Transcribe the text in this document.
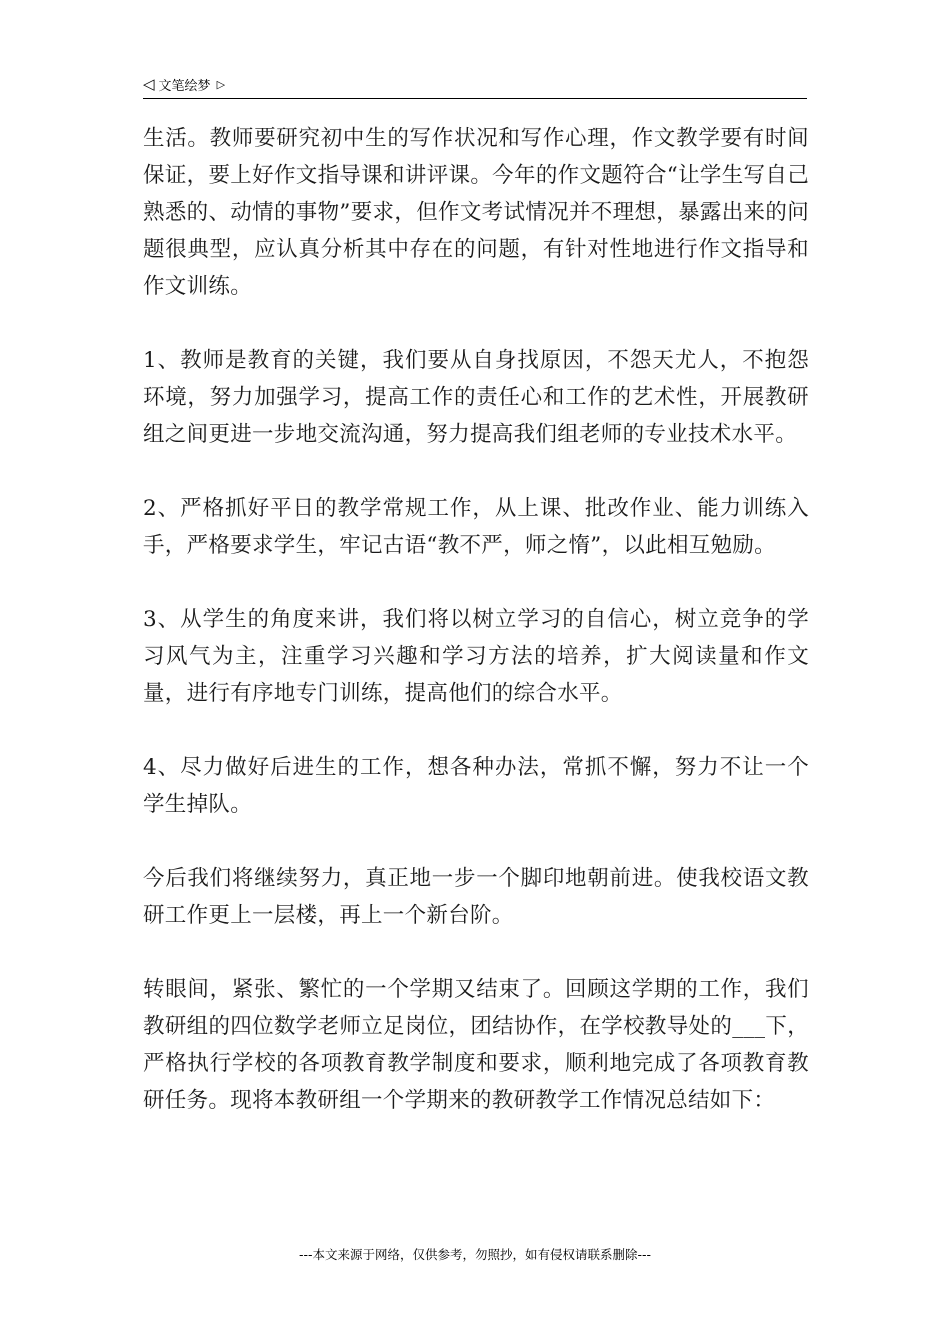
◁ 文笔绘梦 ▷

生活。教师要研究初中生的写作状况和写作心理，作文教学要有时间保证，要上好作文指导课和讲评课。今年的作文题符合“让学生写自己熟悉的、动情的事物”要求，但作文考试情况并不理想，暴露出来的问题很典型，应认真分析其中存在的问题，有针对性地进行作文指导和作文训练。

1、教师是教育的关键，我们要从自身找原因，不怨天尤人，不抱怨环境，努力加强学习，提高工作的责任心和工作的艺术性，开展教研组之间更进一步地交流沟通，努力提高我们组老师的专业技术水平。

2、严格抓好平日的教学常规工作，从上课、批改作业、能力训练入手，严格要求学生，牢记古语“教不严，师之惰”，以此相互勉励。

3、从学生的角度来讲，我们将以树立学习的自信心，树立竞争的学习风气为主，注重学习兴趣和学习方法的培养，扩大阅读量和作文量，进行有序地专门训练，提高他们的综合水平。

4、尽力做好后进生的工作，想各种办法，常抓不懈，努力不让一个学生掉队。

今后我们将继续努力，真正地一步一个脚印地朝前进。使我校语文教研工作更上一层楼，再上一个新台阶。

转眼间，紧张、繁忙的一个学期又结束了。回顾这学期的工作，我们教研组的四位数学老师立足岗位，团结协作，在学校教导处的___下，严格执行学校的各项教育教学制度和要求，顺利地完成了各项教育教研任务。现将本教研组一个学期来的教研教学工作情况总结如下：

---本文来源于网络，仅供参考，勿照抄，如有侵权请联系删除---
